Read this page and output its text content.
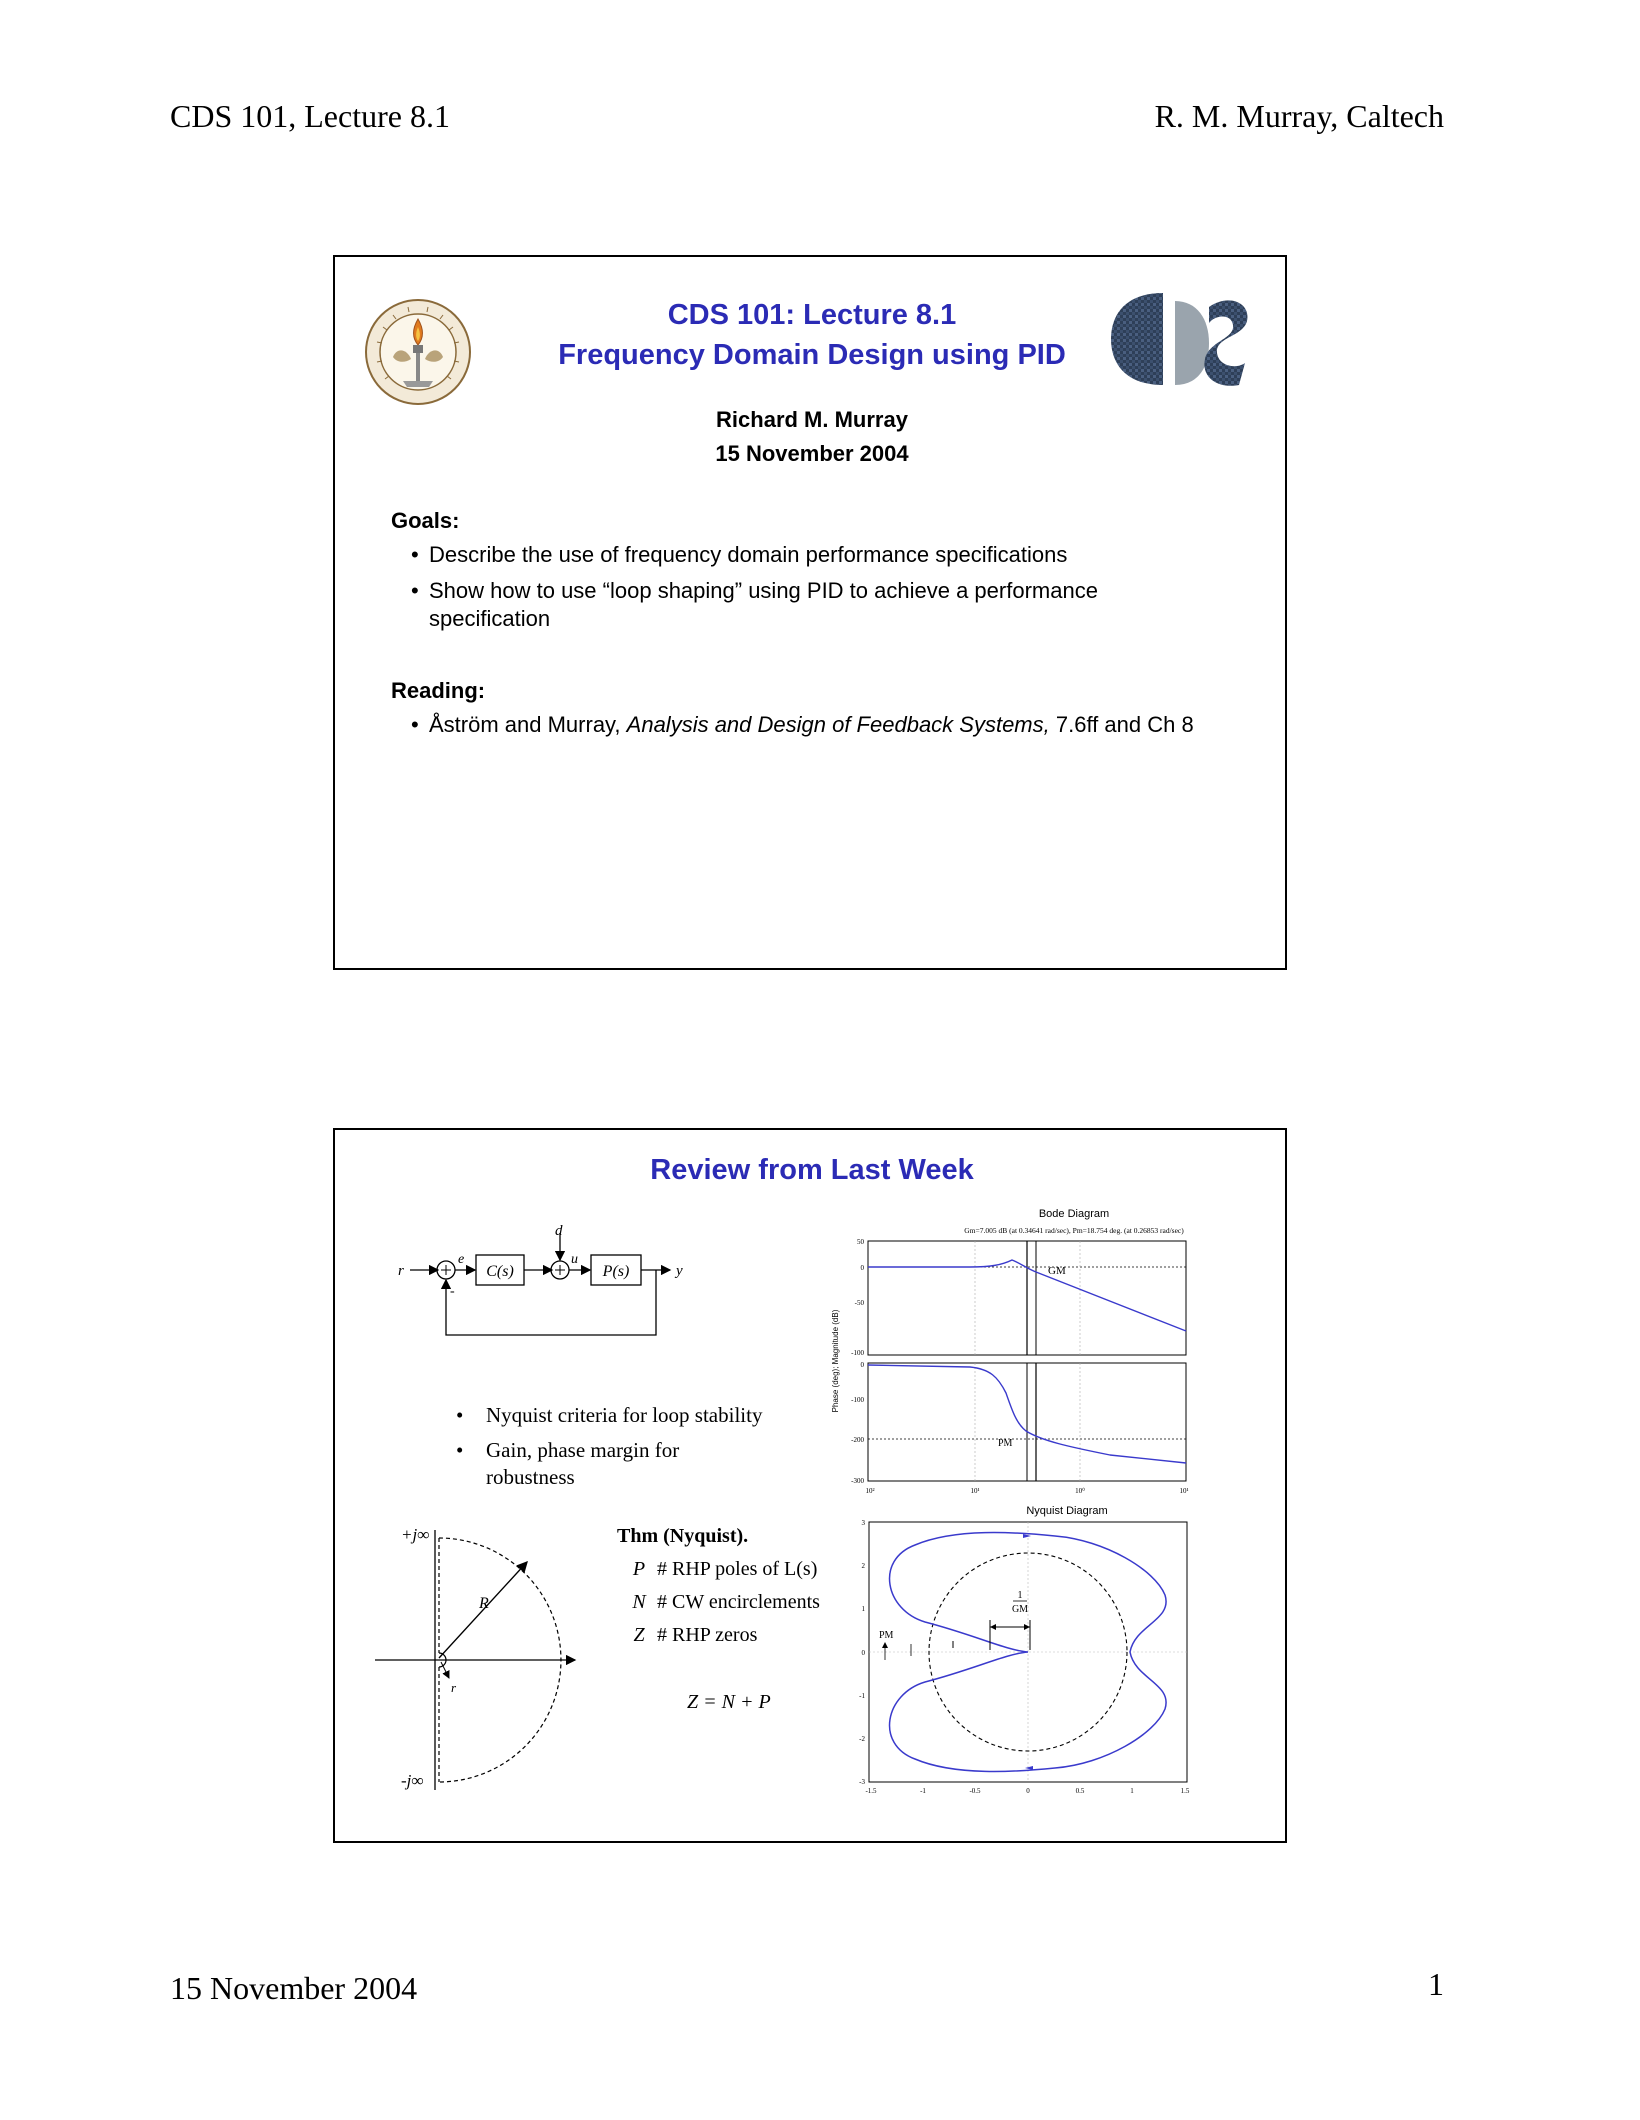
CDS 101, Lecture 8.1	R. M. Murray, Caltech
CDS 101: Lecture 8.1
Frequency Domain Design using PID
Richard M. Murray
15 November 2004
Goals:
• Describe the use of frequency domain performance specifications
• Show how to use “loop shaping” using PID to achieve a performance specification
Reading:
• Åström and Murray, Analysis and Design of Feedback Systems, 7.6ff and Ch 8
Review from Last Week
r
e
d
u
y
C(s)	P(s)
-
• Nyquist criteria for loop stability
• Gain, phase margin for robustness
+j∞
-j∞
R
r
Thm (Nyquist).
P # RHP poles of L(s)
N # CW encirclements
Z # RHP zeros
Z = N + P
Bode Diagram
Gm=7.005 dB (at 0.34641 rad/sec), Pm=18.754 deg. (at 0.26853 rad/sec)
GM
50
0
-50
-100
PM
0
-100
-200
-300
10²	10¹	10⁰	10¹
Phase (deg); Magnitude (dB)
Nyquist Diagram
1
GM
PM
3
2
1
0
-1
-2
-3
-1.5	-1	-0.5	0	0.5	1	1.5
15 November 2004	1
